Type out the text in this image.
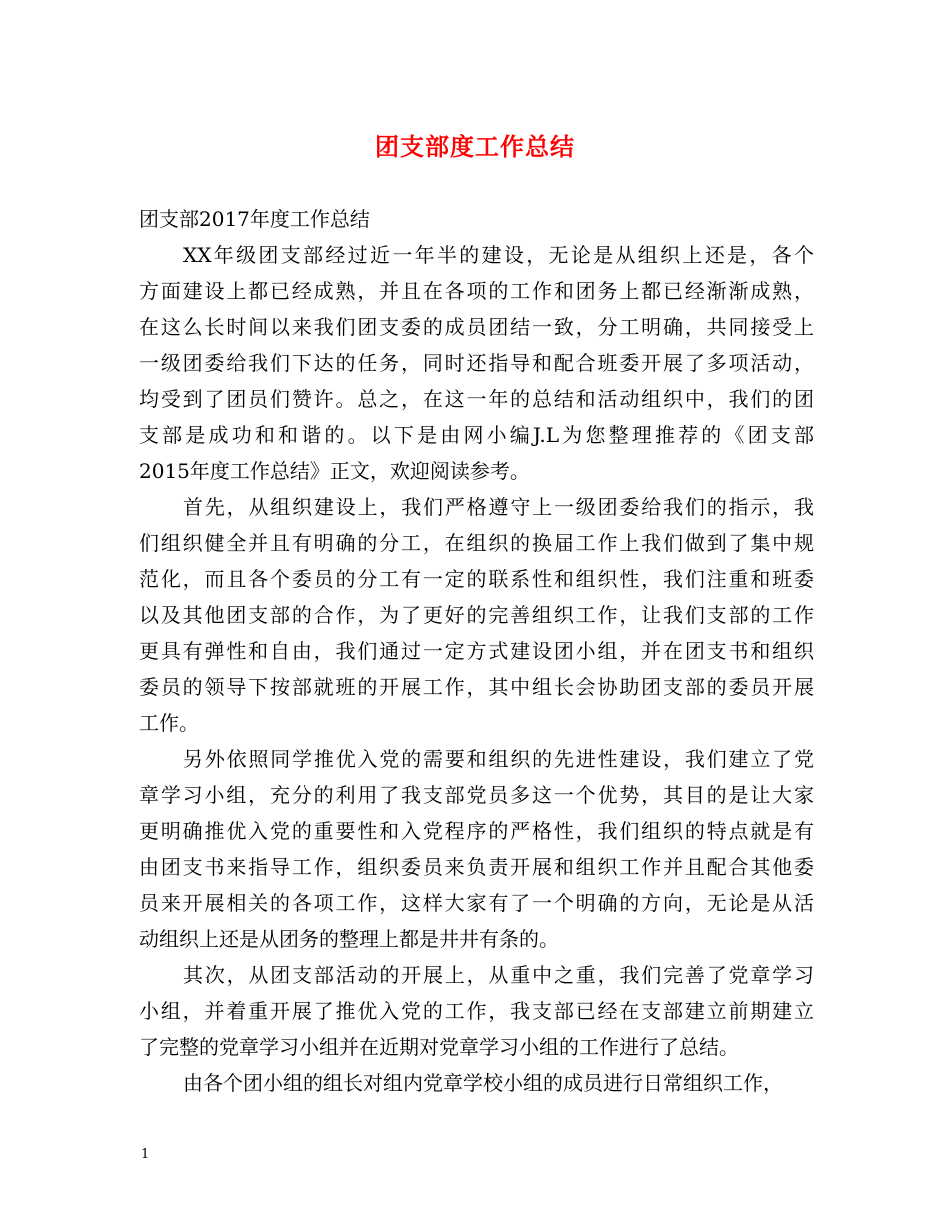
团支部度工作总结
团支部2017年度工作总结
XX年级团支部经过近一年半的建设，无论是从组织上还是，各个
方面建设上都已经成熟，并且在各项的工作和团务上都已经渐渐成熟，
在这么长时间以来我们团支委的成员团结一致，分工明确，共同接受上
一级团委给我们下达的任务，同时还指导和配合班委开展了多项活动，
均受到了团员们赞许。总之，在这一年的总结和活动组织中，我们的团
支部是成功和和谐的。以下是由网小编J.L为您整理推荐的《团支部
2015年度工作总结》正文，欢迎阅读参考。
首先，从组织建设上，我们严格遵守上一级团委给我们的指示，我
们组织健全并且有明确的分工，在组织的换届工作上我们做到了集中规
范化，而且各个委员的分工有一定的联系性和组织性，我们注重和班委
以及其他团支部的合作，为了更好的完善组织工作，让我们支部的工作
更具有弹性和自由，我们通过一定方式建设团小组，并在团支书和组织
委员的领导下按部就班的开展工作，其中组长会协助团支部的委员开展
工作。
另外依照同学推优入党的需要和组织的先进性建设，我们建立了党
章学习小组，充分的利用了我支部党员多这一个优势，其目的是让大家
更明确推优入党的重要性和入党程序的严格性，我们组织的特点就是有
由团支书来指导工作，组织委员来负责开展和组织工作并且配合其他委
员来开展相关的各项工作，这样大家有了一个明确的方向，无论是从活
动组织上还是从团务的整理上都是井井有条的。
其次，从团支部活动的开展上，从重中之重，我们完善了党章学习
小组，并着重开展了推优入党的工作，我支部已经在支部建立前期建立
了完整的党章学习小组并在近期对党章学习小组的工作进行了总结。
由各个团小组的组长对组内党章学校小组的成员进行日常组织工作，
1
